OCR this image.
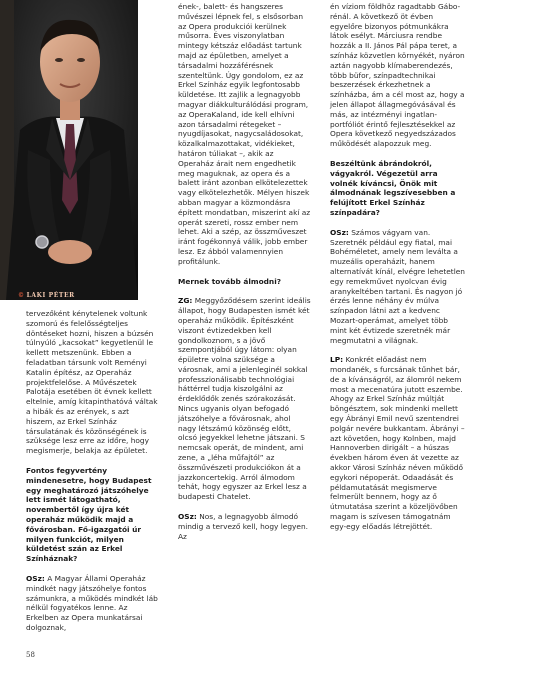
© LAKI PÉTER

tervezőként kénytelenek voltunk szomorú és felelősségteljes döntéseket hozni, hiszen a búzsén túlnyúló „kacsokat” kegyetlenül le kellett metszenünk. Ebben a feladatban társunk volt Reményi Katalin építész, az Operaház projektfelelőse. A Művészetek Palotája esetében öt évnek kellett eltelnie, amíg kitapinthatóvá váltak a hibák és az erények, s azt hiszem, az Erkel Színház társulatának és közönségének is szüksége lesz erre az időre, hogy megismerje, belakja az épületet.

Fontos fegyvertény mindenesetre, hogy Budapest egy meghatározó játszóhelye lett ismét látogatható, novembertől így újra két operaház működik majd a fővárosban. Fő-igazgatói úr milyen funkciót, milyen küldetést szán az Erkel Színháznak?

OSz: A Magyar Állami Operaház mindkét nagy játszóhelye fontos számunkra, a működés mindkét láb nélkül fogyatékos lenne. Az Erkelben az Opera munkatársai dolgoznak,

ének-, balett- és hangszeres művészei lépnek fel, s elsősorban az Opera produkciói kerülnek műsorra. Éves viszonylatban mintegy kétszáz előadást tartunk majd az épületben, amelyet a társadalmi hozzáférésnek szenteltünk. Úgy gondolom, ez az Erkel Színház egyik legfontosabb küldetése. Itt zajlik a legnagyobb magyar diákkulturálódási program, az OperaKaland, ide kell elhívni azon társadalmi rétegeket – nyugdíjasokat, nagycsaládosokat, közalkalmazottakat, vidékieket, határon túliakat –, akik az Operaház árait nem engedhetik meg maguknak, az opera és a balett iránt azonban elkötelezettek vagy elkötelezhetők. Mélyen hiszek abban magyar a közmondásra épített mondatban, miszerint akí az operát szereti, rossz ember nem lehet. Aki a szép, az összműveszet iránt fogékonnyá válik, jobb ember lesz. Ez ábból valamennyien profitálunk.

Mernek tovább álmodni?

ZG: Meggyőződésem szerint ideális állapot, hogy Budapesten ismét két operaház működik. Építészként viszont évtizedekben kell gondolkoznom, s a jövő szempontjából úgy látom: olyan épületre volna szüksége a városnak, ami a jelenleginél sokkal professzionálisabb technológiai háttérrel tudja kiszolgálni az érdeklődők zenés szórakozását. Nincs ugyanis olyan befogadó játszóhelye a fővárosnak, ahol nagy létszámú közönség előtt, olcsó jegyekkel lehetne játszani. S nemcsak operát, de mindent, ami zene, a „léha műfajtól” az összművészeti produkciókon át a jazzkoncertekig. Arról álmodom tehát, hogy egyszer az Erkel lesz a budapesti Chatelet.

OSz: Nos, a legnagyobb álmodó mindig a tervező kell, hogy legyen. Az

én víziom földhöz ragadtabb Gábo-rénál. A következő öt évben egyelőre bizonyos pótmunkákra látok esélyt. Márciusra rendbe hozzák a II. János Pál pápa teret, a színház közvetlen környékét, nyáron aztán nagyobb klímaberendezés, több büfor, színpadtechnikai beszerzések érkezhetnek a színházba, ám a cél most az, hogy a jelen állapot állagmegóvásával és más, az intézményi ingatlan-portfóliót érintő fejlesztésekkel az Opera következő negyedszázados működését alapozzuk meg.

Beszéltünk ábrándokról, vágyakról. Végezetül arra volnék kíváncsi, Önök mit álmodnának legszívesebben a felújított Erkel Színház színpadára?

OSz: Számos vágyam van. Szeretnék például egy fiatal, mai Bohéméletet, amely nem leválta a muzeális operaházit, hanem alternatívát kínál, elvégre lehetetlen egy remekművet nyolcvan évig aranykeltében tartani. És nagyon jó érzés lenne néhány év múlva színpadon látni azt a kedvenc Mozart-operámat, amelyet több mint két évtizede szeretnék már megmutatni a világnak.

LP: Konkrét előadást nem mondanék, s furcsának tűnhet bár, de a kívánságról, az álomról nekem most a mecenatúra jutott eszembe. Ahogy az Erkel Színház múltját böngésztem, sok mindenki mellett egy Ábrányi Emil nevű szentendrei polgár nevére bukkantam. Ábrányi – azt követően, hogy Kolnben, majd Hannoverben dirigált – a húszas években három éven át vezette az akkor Városi Színház néven működő egykori népoperát. Odaadását és példamutatását megismerve felmerült bennem, hogy az ő útmutatása szerint a közeljövőben magam is szívesen támogatnám egy-egy előadás létrejöttét.

58
